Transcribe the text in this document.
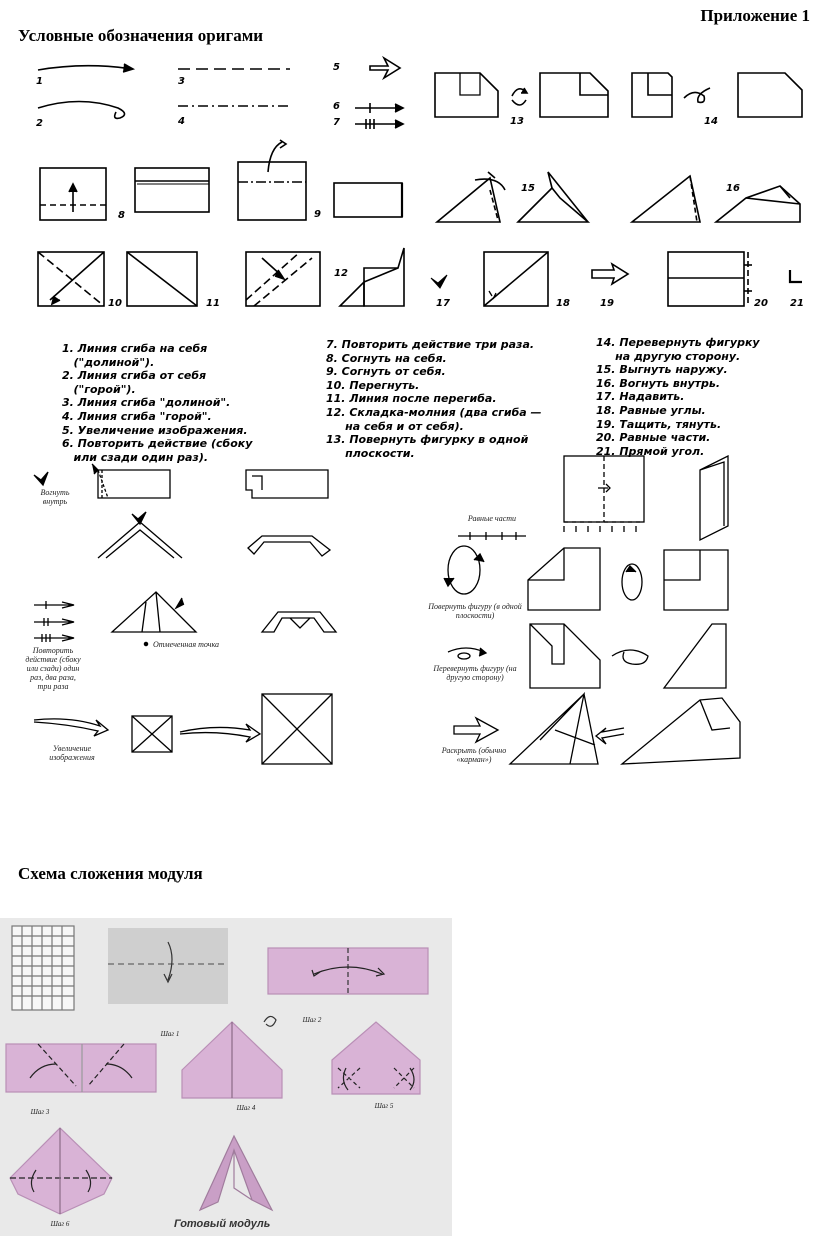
Приложение 1
Условные обозначения оригами
1
2
3
4
5
6
7
8	9
10	11
12
13	14
15	16
17	18	19	20 21
1. Линия сгиба на себя
("долиной").
2. Линия сгиба от себя
("горой").
3. Линия сгиба "долиной".
4. Линия сгиба "горой".
5. Увеличение изображения.
6. Повторить действие (сбоку
или сзади один раз).
7. Повторить действие три раза.
8. Согнуть на себя.
9. Согнуть от себя.
10. Перегнуть.
11. Линия после перегиба.
12. Складка-молния (два сгиба —
на себя и от себя).
13. Повернуть фигурку в одной
плоскости.
14. Перевернуть фигурку
на другую сторону.
15. Выгнуть наружу.
16. Вогнуть внутрь.
17. Надавить.
18. Равные углы.
19. Тащить, тянуть.
20. Равные части.
21. Прямой угол.
Вогнуть внутрь
Равные части
Повернуть фигуру (в одной плоскости)
Перевернуть фигуру (на другую сторону)
Повторить действие (сбоку или сзади) один раз, два раза, три раза
Отмеченная точка
Увеличение изображения
Раскрыть (обычно «карман»)
Схема сложения модуля
Шаг 1
Шаг 2
Шаг 3	Шаг 4	Шаг 5
Шаг 6	Готовый модуль
